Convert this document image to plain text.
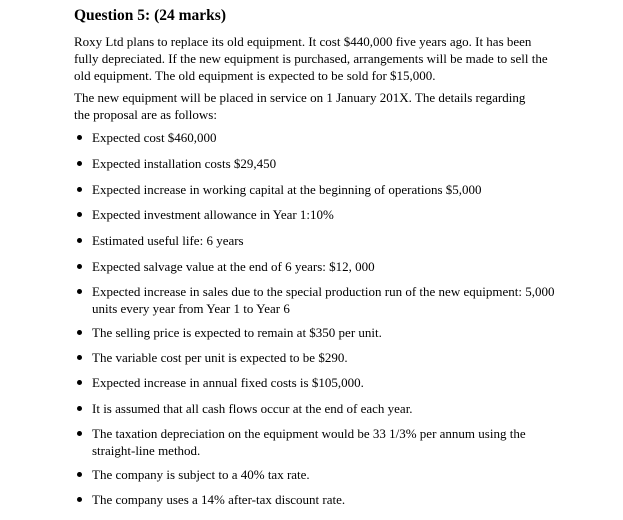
Question 5: (24 marks)
Roxy Ltd plans to replace its old equipment. It cost $440,000 five years ago. It has been fully depreciated. If the new equipment is purchased, arrangements will be made to sell the old equipment. The old equipment is expected to be sold for $15,000.
The new equipment will be placed in service on 1 January 201X. The details regarding the proposal are as follows:
Expected cost $460,000
Expected installation costs $29,450
Expected increase in working capital at the beginning of operations $5,000
Expected investment allowance in Year 1:10%
Estimated useful life: 6 years
Expected salvage value at the end of 6 years: $12, 000
Expected increase in sales due to the special production run of the new equipment: 5,000 units every year from Year 1 to Year 6
The selling price is expected to remain at $350 per unit.
The variable cost per unit is expected to be $290.
Expected increase in annual fixed costs is $105,000.
It is assumed that all cash flows occur at the end of each year.
The taxation depreciation on the equipment would be 33 1/3% per annum using the straight-line method.
The company is subject to a 40% tax rate.
The company uses a 14% after-tax discount rate.
